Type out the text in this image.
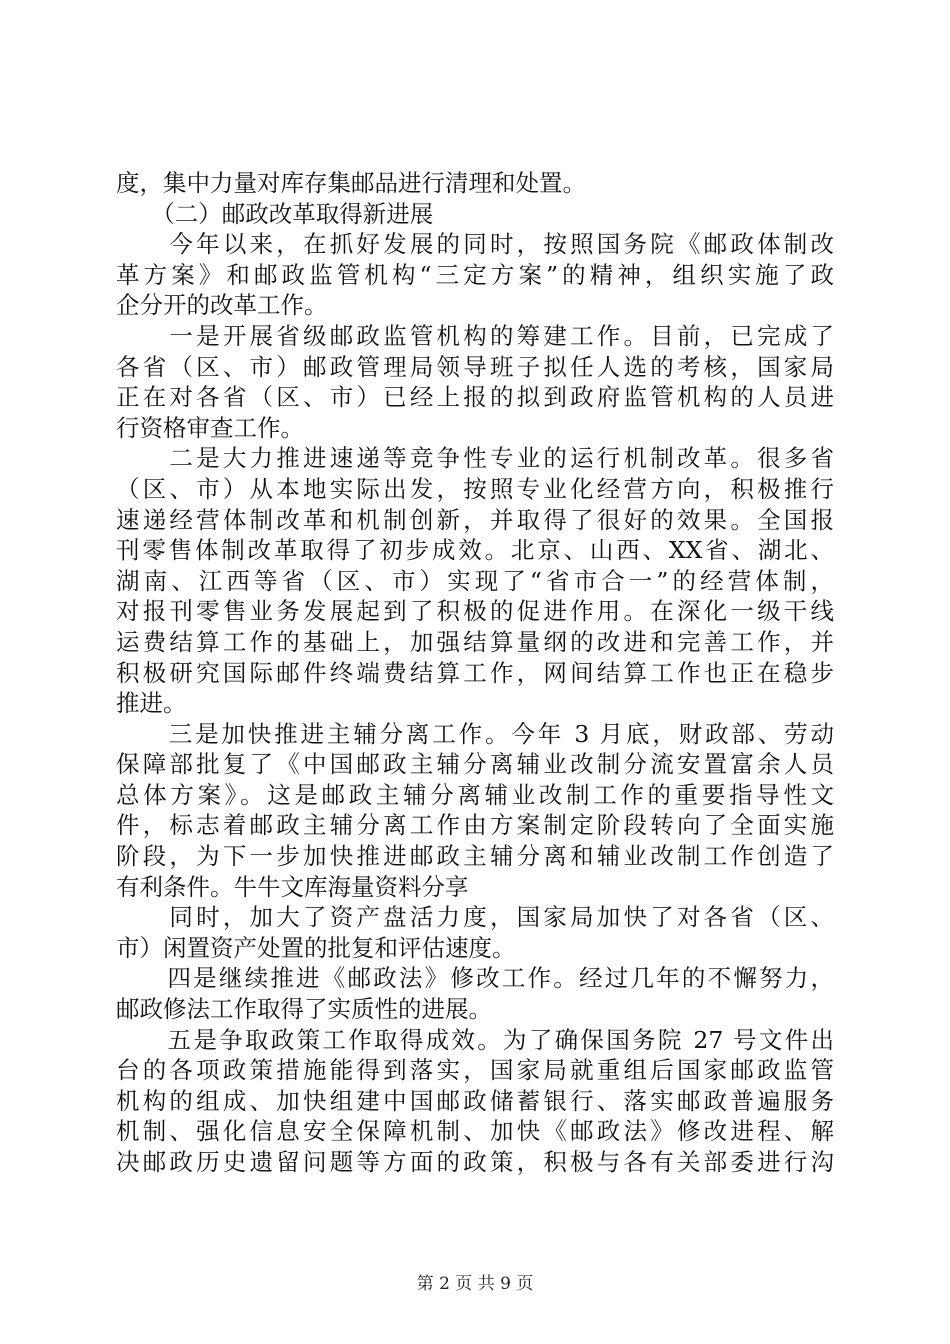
度，集中力量对库存集邮品进行清理和处置。
　　（二）邮政改革取得新进展
　　今年以来，在抓好发展的同时，按照国务院《邮政体制改
革方案》和邮政监管机构“三定方案”的精神，组织实施了政
企分开的改革工作。
　　一是开展省级邮政监管机构的筹建工作。目前，已完成了
各省（区、市）邮政管理局领导班子拟任人选的考核，国家局
正在对各省（区、市）已经上报的拟到政府监管机构的人员进
行资格审查工作。
　　二是大力推进速递等竞争性专业的运行机制改革。很多省
（区、市）从本地实际出发，按照专业化经营方向，积极推行
速递经营体制改革和机制创新，并取得了很好的效果。全国报
刊零售体制改革取得了初步成效。北京、山西、XX省、湖北、
湖南、江西等省（区、市）实现了“省市合一”的经营体制，
对报刊零售业务发展起到了积极的促进作用。在深化一级干线
运费结算工作的基础上，加强结算量纲的改进和完善工作，并
积极研究国际邮件终端费结算工作，网间结算工作也正在稳步
推进。
　　三是加快推进主辅分离工作。今年 3 月底，财政部、劳动
保障部批复了《中国邮政主辅分离辅业改制分流安置富余人员
总体方案》。这是邮政主辅分离辅业改制工作的重要指导性文
件，标志着邮政主辅分离工作由方案制定阶段转向了全面实施
阶段，为下一步加快推进邮政主辅分离和辅业改制工作创造了
有利条件。牛牛文库海量资料分享
　　同时，加大了资产盘活力度，国家局加快了对各省（区、
市）闲置资产处置的批复和评估速度。
　　四是继续推进《邮政法》修改工作。经过几年的不懈努力，
邮政修法工作取得了实质性的进展。
　　五是争取政策工作取得成效。为了确保国务院 27 号文件出
台的各项政策措施能得到落实，国家局就重组后国家邮政监管
机构的组成、加快组建中国邮政储蓄银行、落实邮政普遍服务
机制、强化信息安全保障机制、加快《邮政法》修改进程、解
决邮政历史遗留问题等方面的政策，积极与各有关部委进行沟
第 2 页 共 9 页
